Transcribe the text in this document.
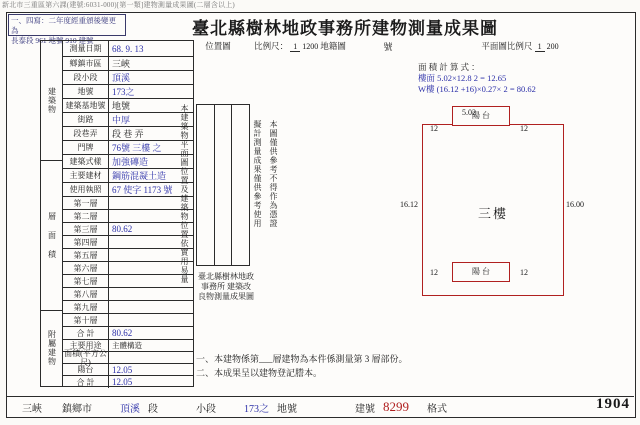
新北市三重區第六課(建號:6031-000)[第一類]建物測量成果圖(二層含以上)
一、四寫：二年度經重頒後變更為
長泰段 961 地號 910 建號
臺北縣樹林地政事務所建物測量成果圖
建築物
層 面 積
附屬建物
測量日期	68. 9. 13
鄉鎮市區	三峽
段小段	頂溪
地號	173之
建築基地號 地號
街路	中厚
段巷弄	段 巷 弄
門牌	76號 三樓 之
建築式樣	加強磚造
主要建材	鋼筋混凝土造
使用執照	67 使字 1173 號
第一層
第二層
第三層	80.62
第四層
第五層
第六層
第七層
第八層
第九層
第十層
合 計	80.62
主要用途	主體構造
面積(平方公尺)
陽台	12.05
合 計	12.05
位置圖	比例尺： 1 1200 地籍圖	號	平面圖比例尺 1 200
面 積 計 算 式 ：
樓面 5.02×12.8 2 = 12.65
W樓 (16.12 +16)×0.27× 2 = 80.62
本建築物平面圖位置及建築物位置依實用易量	擬計測量成果僅供參考使用 本圖僅供參考不得作為憑證
臺北縣樹林地政事務所 建築改良物測量成果圖
三樓
陽 台
陽 台
5.02
12	12
16.12	16.00
12	12
一、本建物係第___層建物為本件係測量第 3 層部份。
二、本成果呈以建物登記謄本。
三峽	鎮鄉市	頂溪 段	小段	173之 地號	建號 8299	格式	1904
